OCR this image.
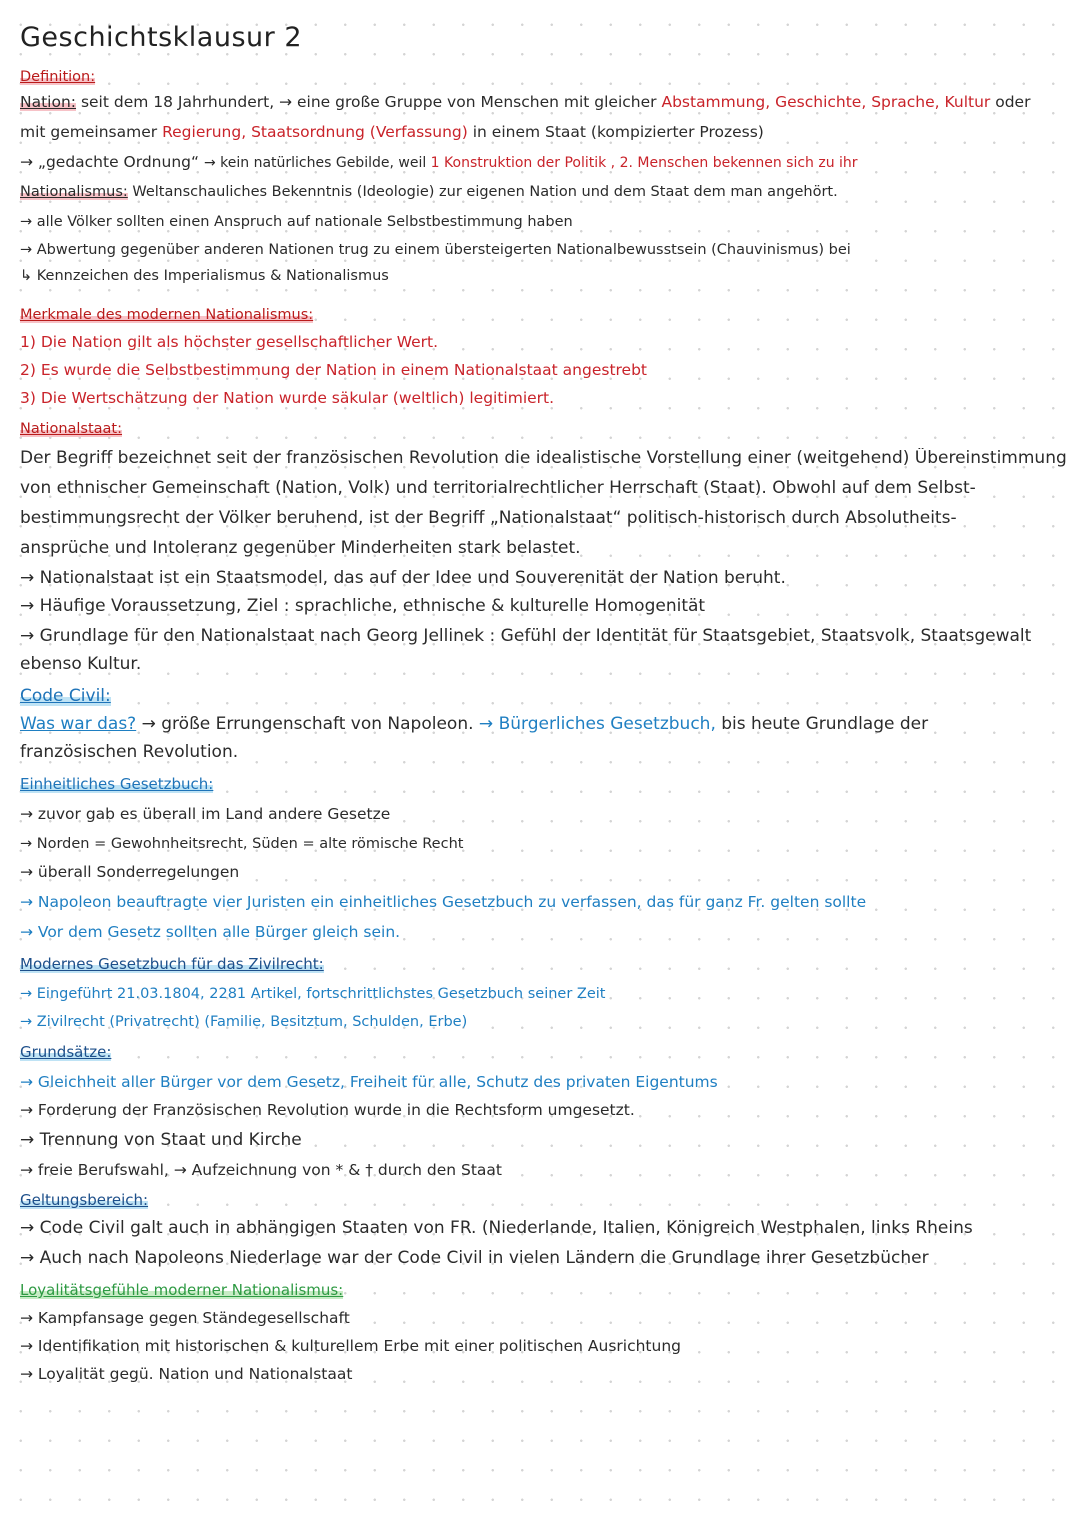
Geschichtsklausur 2
Definition:
Nation: seit dem 18 Jahrhundert, → eine große Gruppe von Menschen mit gleicher Abstammung, Geschichte, Sprache, Kultur oder
mit gemeinsamer Regierung, Staatsordnung (Verfassung) in einem Staat (kompizierter Prozess)
→ „gedachte Ordnung“ → kein natürliches Gebilde, weil 1 Konstruktion der Politik , 2. Menschen bekennen sich zu ihr
Nationalismus: Weltanschauliches Bekenntnis (Ideologie) zur eigenen Nation und dem Staat dem man angehört.
→ alle Völker sollten einen Anspruch auf nationale Selbstbestimmung haben
→ Abwertung gegenüber anderen Nationen trug zu einem übersteigerten Nationalbewusstsein (Chauvinismus) bei
↳ Kennzeichen des Imperialismus & Nationalismus
Merkmale des modernen Nationalismus:
1) Die Nation gilt als höchster gesellschaftlicher Wert.
2) Es wurde die Selbstbestimmung der Nation in einem Nationalstaat angestrebt
3) Die Wertschätzung der Nation wurde säkular (weltlich) legitimiert.
Nationalstaat:
Der Begriff bezeichnet seit der französischen Revolution die idealistische Vorstellung einer (weitgehend) Übereinstimmung
von ethnischer Gemeinschaft (Nation, Volk) und territorialrechtlicher Herrschaft (Staat). Obwohl auf dem Selbst-
bestimmungsrecht der Völker beruhend, ist der Begriff „Nationalstaat“ politisch-historisch durch Absolutheits-
ansprüche und Intoleranz gegenüber Minderheiten stark belastet.
→ Nationalstaat ist ein Staatsmodel, das auf der Idee und Souverenität der Nation beruht.
→ Häufige Voraussetzung, Ziel : sprachliche, ethnische & kulturelle Homogenität
→ Grundlage für den Nationalstaat nach Georg Jellinek : Gefühl der Identität für Staatsgebiet, Staatsvolk, Staatsgewalt
ebenso Kultur.
Code Civil:
Was war das? → größe Errungenschaft von Napoleon. → Bürgerliches Gesetzbuch, bis heute Grundlage der
französischen Revolution.
Einheitliches Gesetzbuch:
→ zuvor gab es überall im Land andere Gesetze
→ Norden = Gewohnheitsrecht, Süden = alte römische Recht
→ überall Sonderregelungen
→ Napoleon beauftragte vier Juristen ein einheitliches Gesetzbuch zu verfassen, das für ganz Fr. gelten sollte
→ Vor dem Gesetz sollten alle Bürger gleich sein.
Modernes Gesetzbuch für das Zivilrecht:
→ Eingeführt 21.03.1804, 2281 Artikel, fortschrittlichstes Gesetzbuch seiner Zeit
→ Zivilrecht (Privatrecht) (Familie, Besitztum, Schulden, Erbe)
Grundsätze:
→ Gleichheit aller Bürger vor dem Gesetz, Freiheit für alle, Schutz des privaten Eigentums
→ Forderung der Französischen Revolution wurde in die Rechtsform umgesetzt.
→ Trennung von Staat und Kirche
→ freie Berufswahl, → Aufzeichnung von * & † durch den Staat
Geltungsbereich:
→ Code Civil galt auch in abhängigen Staaten von FR. (Niederlande, Italien, Königreich Westphalen, links Rheins
→ Auch nach Napoleons Niederlage war der Code Civil in vielen Ländern die Grundlage ihrer Gesetzbücher
Loyalitätsgefühle moderner Nationalismus:
→ Kampfansage gegen Ständegesellschaft
→ Identifikation mit historischen & kulturellem Erbe mit einer politischen Ausrichtung
→ Loyalität gegü. Nation und Nationalstaat
